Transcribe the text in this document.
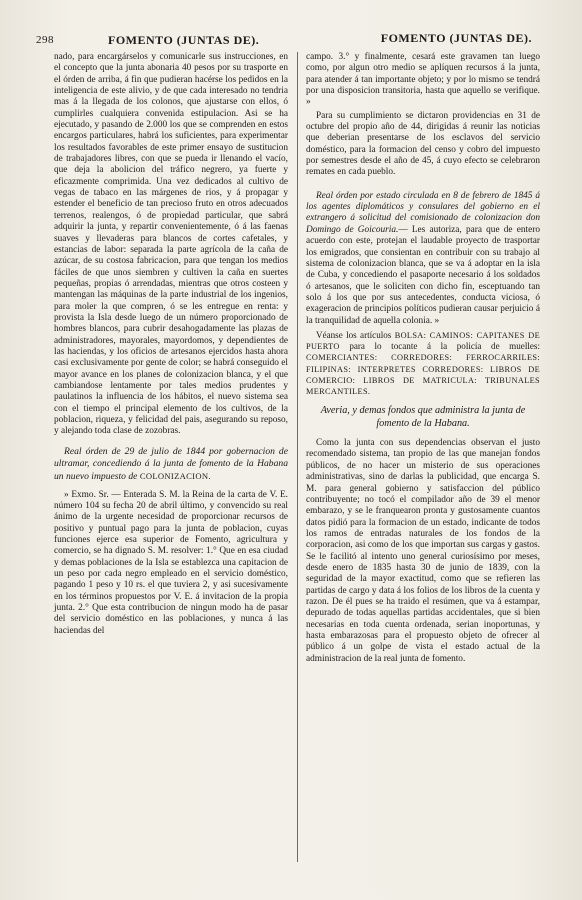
298	FOMENTO (JUNTAS DE).	FOMENTO (JUNTAS DE).

nado, para encargárselos y comunicarle sus instrucciones, en el concepto que la junta abonaria 40 pesos por su trasporte en el órden de arriba, á fin que pudieran hacérse los pedidos en la inteligencia de este alivio, y de que cada interesado no tendria mas á la llegada de los colonos, que ajustarse con ellos, ó cumplirles cualquiera convenida estipulacion. Asi se ha ejecutado, y pasando de 2.000 los que se comprenden en estos encargos particulares, habrá los suficientes, para experimentar los resultados favorables de este primer ensayo de sustitucion de trabajadores libres, con que se pueda ir llenando el vacío, que deja la abolicion del tráfico negrero, ya fuerte y eficazmente comprimida. Una vez dedicados al cultivo de vegas de tabaco en las márgenes de rios, y á propagar y estender el beneficio de tan precioso fruto en otros adecuados terrenos, realengos, ó de propiedad particular, que sabrá adquirir la junta, y repartir convenientemente, ó á las faenas suaves y llevaderas para blancos de cortes cafetales, y estancias de labor: separada la parte agrícola de la caña de azúcar, de su costosa fabricacion, para que tengan los medios fáciles de que unos siembren y cultiven la caña en suertes pequeñas, propias ó arrendadas, mientras que otros costeen y mantengan las máquinas de la parte industrial de los ingenios, para moler la que compren, ó se les entregue en renta: y provista la Isla desde luego de un número proporcionado de hombres blancos, para cubrir desahogadamente las plazas de administradores, mayorales, mayordomos, y dependientes de las haciendas, y los oficios de artesanos ejercidos hasta ahora casi exclusivamente por gente de color; se habrá conseguido el mayor avance en los planes de colonizacion blanca, y el que cambiandose lentamente por tales medios prudentes y paulatinos la influencia de los hábitos, el nuevo sistema sea con el tiempo el principal elemento de los cultivos, de la poblacion, riqueza, y felicidad del pais, asegurando su reposo, y alejando toda clase de zozobras.

Real órden de 29 de julio de 1844 por gobernacion de ultramar, concediendo á la junta de fomento de la Habana un nuevo impuesto de COLONIZACION.

» Exmo. Sr. — Enterada S. M. la Reina de la carta de V. E. número 104 su fecha 20 de abril último, y convencido su real ánimo de la urgente necesidad de proporcionar recursos de positivo y puntual pago para la junta de poblacion, cuyas funciones ejerce esa superior de Fomento, agricultura y comercio, se ha dignado S. M. resolver: 1.° Que en esa ciudad y demas poblaciones de la Isla se establezca una capitacion de un peso por cada negro empleado en el servicio doméstico, pagando 1 peso y 10 rs. el que tuviera 2, y asi sucesivamente en los términos propuestos por V. E. á invitacion de la propia junta. 2.° Que esta contribucion de ningun modo ha de pasar del servicio doméstico en las poblaciones, y nunca á las haciendas del

campo. 3.° y finalmente, cesará este gravamen tan luego como, por algun otro medio se aplíquen recursos á la junta, para atender á tan importante objeto; y por lo mismo se tendrá por una disposicion transitoria, hasta que aquello se verifique. »

Para su cumplimiento se dictaron providencias en 31 de octubre del propio año de 44, dirigidas á reunir las noticias que deberian presentarse de los esclavos del servicio doméstico, para la formacion del censo y cobro del impuesto por semestres desde el año de 45, á cuyo efecto se celebraron remates en cada pueblo.

Real órden por estado circulada en 8 de febrero de 1845 á los agentes diplomáticos y consulares del gobierno en el extrangero á solicitud del comisionado de colonizacion don Domingo de Goicouria.— Les autoriza, para que de entero acuerdo con este, protejan el laudable proyecto de trasportar los emigrados, que consientan en contribuir con su trabajo al sistema de colonizacion blanca, que se va á adoptar en la isla de Cuba, y concediendo el pasaporte necesario á los soldados ó artesanos, que le soliciten con dicho fin, esceptuando tan solo á los que por sus antecedentes, conducta viciosa, ó exageracion de principios políticos pudieran causar perjuicio á la tranquilidad de aquella colonia. »

Véanse los artículos BOLSA: CAMINOS: CAPITANES DE PUERTO para lo tocante á la policía de muelles: COMERCIANTES: CORREDORES: FERROCARRILES: FILIPINAS: INTERPRETES CORREDORES: LIBROS DE COMERCIO: LIBROS DE MATRICULA: TRIBUNALES MERCANTILES.

Averia, y demas fondos que administra la junta de fomento de la Habana.

Como la junta con sus dependencias observan el justo recomendado sistema, tan propio de las que manejan fondos públicos, de no hacer un misterio de sus operaciones administrativas, sino de darlas la publicidad, que encarga S. M. para general gobierno y satisfaccion del público contribuyente; no tocó el compilador año de 39 el menor embarazo, y se le franquearon pronta y gustosamente cuantos datos pidió para la formacion de un estado, indicante de todos los ramos de entradas naturales de los fondos de la corporacion, asi como de los que importan sus cargas y gastos. Se le facilitó al intento uno general curiosísimo por meses, desde enero de 1835 hasta 30 de junio de 1839, con la seguridad de la mayor exactitud, como que se refieren las partidas de cargo y data á los folios de los libros de la cuenta y razon. De él pues se ha traido el resúmen, que va á estampar, depurado de todas aquellas partidas accidentales, que si bien necesarias en toda cuenta ordenada, serian inoportunas, y hasta embarazosas para el propuesto objeto de ofrecer al público á un golpe de vista el estado actual de la administracion de la real junta de fomento.
